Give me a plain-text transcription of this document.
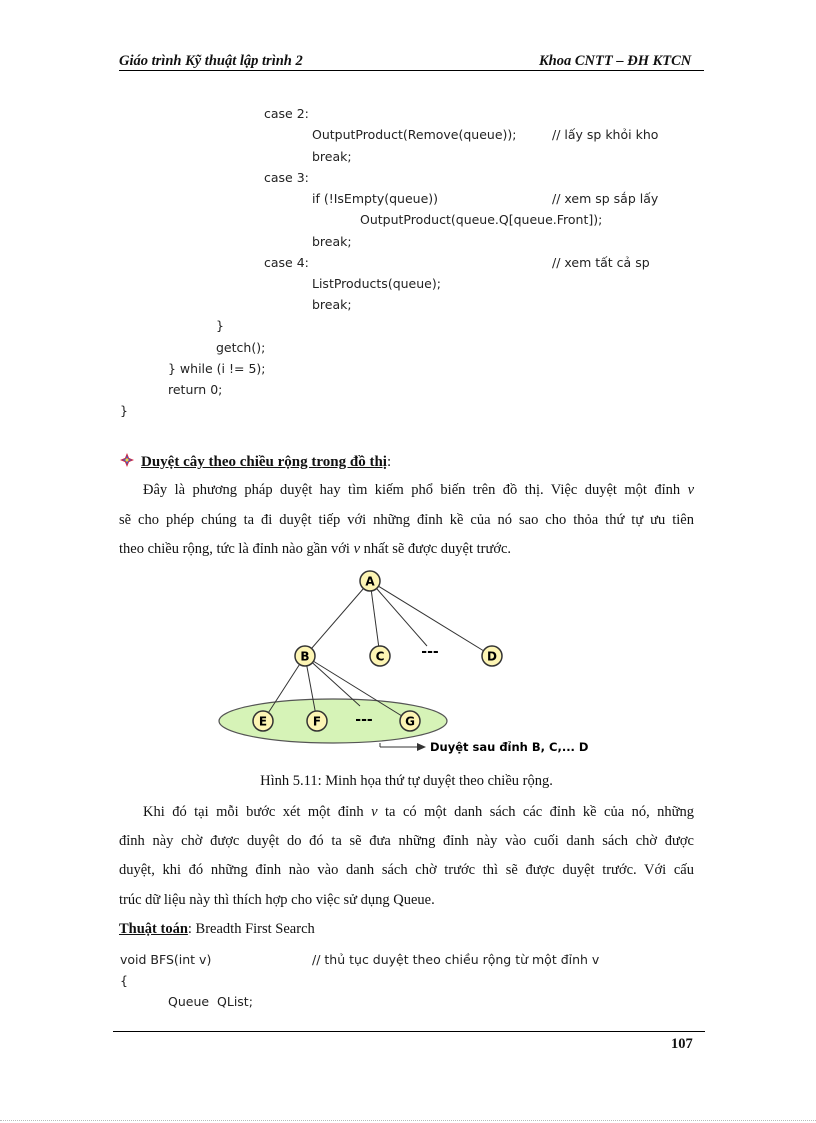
Giáo trình Kỹ thuật lập trình 2	Khoa CNTT – ĐH KTCN
case 2:
OutputProduct(Remove(queue));	// lấy sp khỏi kho
break;
case 3:
if (!IsEmpty(queue))	// xem sp sắp lấy
OutputProduct(queue.Q[queue.Front]);
break;
case 4:	// xem tất cả sp
ListProducts(queue);
break;
}
getch();
} while (i != 5);
return 0;
}
Duyệt cây theo chiều rộng trong đồ thị:
Đây là phương pháp duyệt hay tìm kiếm phổ biến trên đồ thị. Việc duyệt một đỉnh v
sẽ cho phép chúng ta đi duyệt tiếp với những đỉnh kề của nó sao cho thỏa thứ tự ưu tiên
theo chiều rộng, tức là đỉnh nào gần với v nhất sẽ được duyệt trước.
A
B	C	---	D
E	F ---	G
Duyệt sau đỉnh B, C,... D
Hình 5.11: Minh họa thứ tự duyệt theo chiều rộng.
Khi đó tại mỗi bước xét một đỉnh v ta có một danh sách các đỉnh kề của nó, những
đỉnh này chờ được duyệt do đó ta sẽ đưa những đỉnh này vào cuối danh sách chờ được
duyệt, khi đó những đỉnh nào vào danh sách chờ trước thì sẽ được duyệt trước. Với cấu
trúc dữ liệu này thì thích hợp cho việc sử dụng Queue.
Thuật toán: Breadth First Search
void BFS(int v)	// thủ tục duyệt theo chiều rộng từ một đỉnh v
{
Queue  QList;
107
